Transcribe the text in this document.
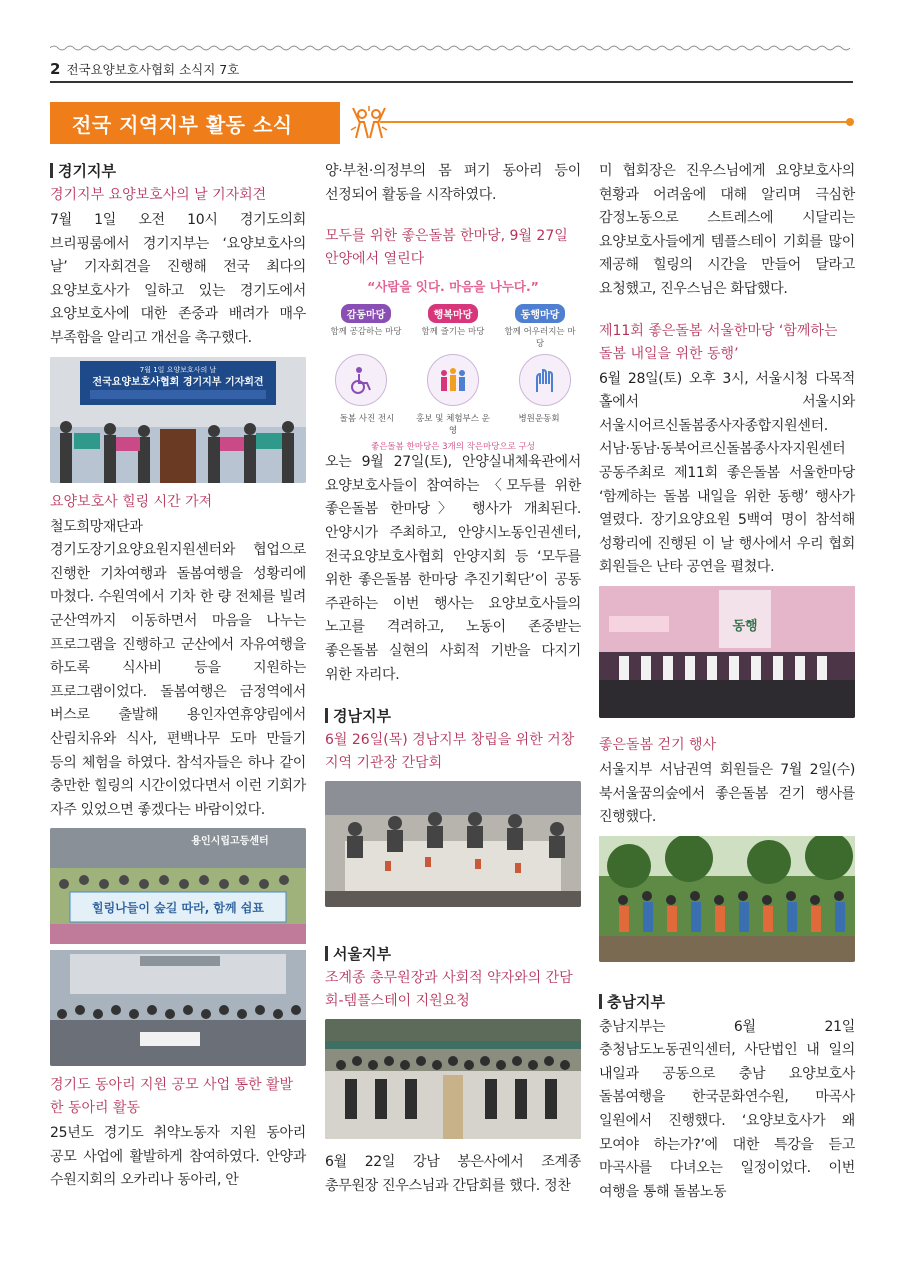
2 전국요양보호사협회 소식지 7호
전국 지역지부 활동 소식
경기지부
경기지부 요양보호사의 날 기자회견
7월 1일 오전 10시 경기도의회 브리핑룸에서 경기지부는 ‘요양보호사의 날’ 기자회견을 진행해 전국 최다의 요양보호사가 일하고 있는 경기도에서 요양보호사에 대한 존중과 배려가 매우 부족함을 알리고 개선을 촉구했다.
7월 1일 요양보호사의 날
전국요양보호사협회 경기지부 기자회견
요양보호사 힐링 시간 가져
철도희망재단과 경기도장기요양요원지원센터와 협업으로 진행한 기차여행과 돌봄여행을 성황리에 마쳤다. 수원역에서 기차 한 량 전체를 빌려 군산역까지 이동하면서 마음을 나누는 프로그램을 진행하고 군산에서 자유여행을 하도록 식사비 등을 지원하는 프로그램이었다. 돌봄여행은 금정역에서 버스로 출발해 용인자연휴양림에서 산림치유와 식사, 편백나무 도마 만들기 등의 체험을 하였다. 참석자들은 하나 같이 충만한 힐링의 시간이었다면서 이런 기회가 자주 있었으면 좋겠다는 바람이었다.
용인시립고등센터
힐링나들이 숲길 따라, 함께 쉼표
경기도 동아리 지원 공모 사업 통한 활발한 동아리 활동
25년도 경기도 취약노동자 지원 동아리 공모 사업에 활발하게 참여하였다. 안양과 수원지회의 오카리나 동아리, 안
양·부천·의정부의 몸 펴기 동아리 등이 선정되어 활동을 시작하였다.
모두를 위한 좋은돌봄 한마당, 9월 27일 안양에서 열린다
“사람을 잇다. 마음을 나누다.”
감동마당
함께 공감하는 마당
행복마당
함께 즐기는 마당
동행마당
함께 어우러지는 마당
돌봄 사진 전시	홍보 및 체험부스 운영
병원운동회
좋은돌봄 한마당은 3개의 작은마당으로 구성
오는 9월 27일(토), 안양실내체육관에서 요양보호사들이 참여하는 〈모두를 위한 좋은돌봄 한마당〉 행사가 개최된다. 안양시가 주최하고, 안양시노동인권센터, 전국요양보호사협회 안양지회 등 ‘모두를 위한 좋은돌봄 한마당 추진기획단’이 공동 주관하는 이번 행사는 요양보호사들의 노고를 격려하고, 노동이 존중받는 좋은돌봄 실현의 사회적 기반을 다지기 위한 자리다.
경남지부
6월 26일(목) 경남지부 창립을 위한 거창지역 기관장 간담회
서울지부
조계종 총무원장과 사회적 약자와의 간담회-템플스테이 지원요청
6월 22일 강남 봉은사에서 조계종 총무원장 진우스님과 간담회를 했다. 정찬
미 협회장은 진우스님에게 요양보호사의 현황과 어려움에 대해 알리며 극심한 감정노동으로 스트레스에 시달리는 요양보호사들에게 템플스테이 기회를 많이 제공해 힐링의 시간을 만들어 달라고 요청했고, 진우스님은 화답했다.
제11회 좋은돌봄 서울한마당 ‘함께하는 돌봄 내일을 위한 동행’
6월 28일(토) 오후 3시, 서울시청 다목적 홀에서 서울시와 서울시어르신돌봄종사자종합지원센터. 서남·동남·동북어르신돌봄종사자지원센터 공동주최로 제11회 좋은돌봄 서울한마당 ‘함께하는 돌봄 내일을 위한 동행’ 행사가 열렸다. 장기요양요원 5백여 명이 참석해 성황리에 진행된 이 날 행사에서 우리 협회 회원들은 난타 공연을 펼쳤다.
동행
좋은돌봄 걷기 행사
서울지부 서남권역 회원들은 7월 2일(수) 북서울꿈의숲에서 좋은돌봄 걷기 행사를 진행했다.
충남지부
충남지부는 6월 21일 충청남도노동권익센터, 사단법인 내 일의 내일과 공동으로 충남 요양보호사 돌봄여행을 한국문화연수원, 마곡사 일원에서 진행했다. ‘요양보호사가 왜 모여야 하는가?’에 대한 특강을 듣고 마곡사를 다녀오는 일정이었다. 이번 여행을 통해 돌봄노동
